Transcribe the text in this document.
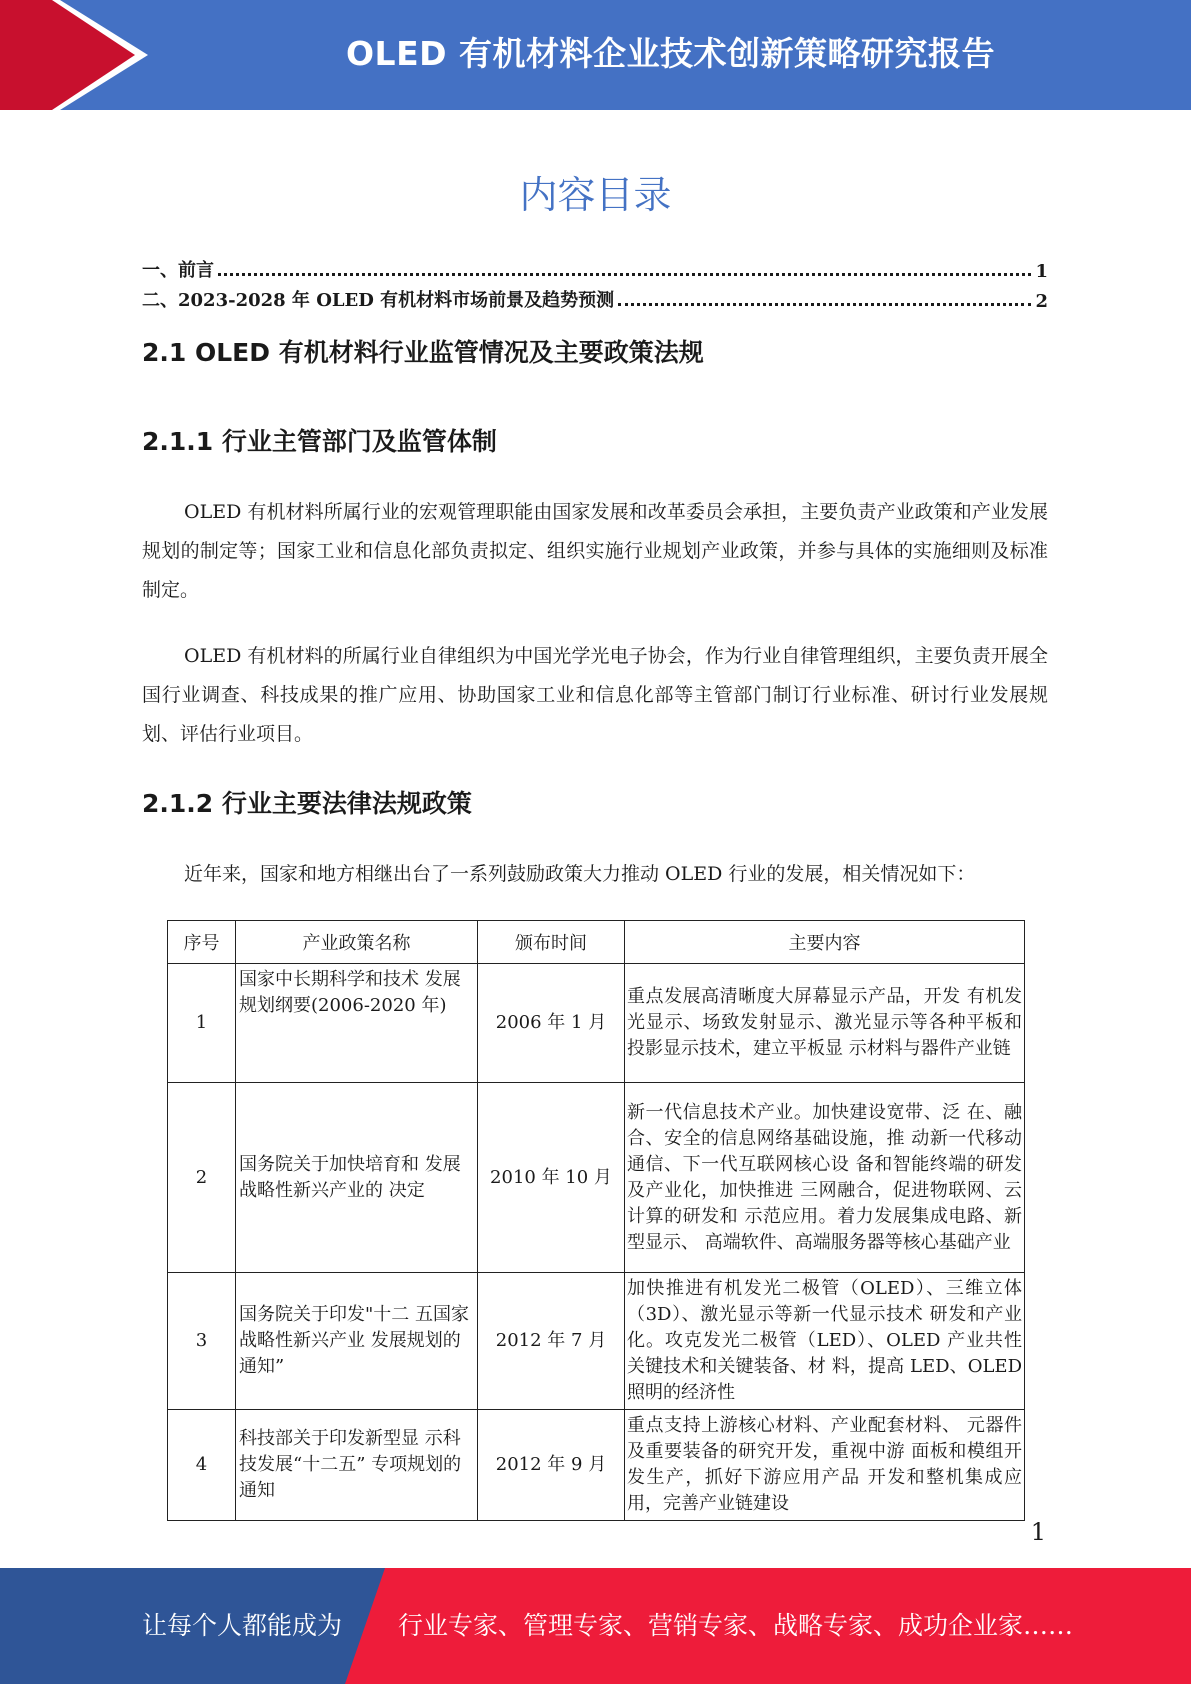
OLED 有机材料企业技术创新策略研究报告
内容目录
一、前言	1
二、2023-2028 年 OLED 有机材料市场前景及趋势预测	2
2.1 OLED 有机材料行业监管情况及主要政策法规
2.1.1 行业主管部门及监管体制
OLED 有机材料所属行业的宏观管理职能由国家发展和改革委员会承担，主要负责产业政策和产业发展规划的制定等；国家工业和信息化部负责拟定、组织实施行业规划产业政策，并参与具体的实施细则及标准制定。
OLED 有机材料的所属行业自律组织为中国光学光电子协会，作为行业自律管理组织，主要负责开展全国行业调查、科技成果的推广应用、协助国家工业和信息化部等主管部门制订行业标准、研讨行业发展规划、评估行业项目。
2.1.2 行业主要法律法规政策
近年来，国家和地方相继出台了一系列鼓励政策大力推动 OLED 行业的发展，相关情况如下：
序号	产业政策名称	颁布时间	主要内容
1	国家中长期科学和技术 发展规划纲要(2006-2020 年)	2006 年 1 月	重点发展高清晰度大屏幕显示产品，开发 有机发光显示、场致发射显示、激光显示等各种平板和投影显示技术，建立平板显 示材料与器件产业链
2	国务院关于加快培育和 发展战略性新兴产业的 决定	2010 年 10 月	新一代信息技术产业。加快建设宽带、泛 在、融合、安全的信息网络基础设施，推 动新一代移动通信、下一代互联网核心设 备和智能终端的研发及产业化，加快推进 三网融合，促进物联网、云计算的研发和 示范应用。着力发展集成电路、新型显示、 高端软件、高端服务器等核心基础产业
3	国务院关于印发"十二 五国家战略性新兴产业 发展规划的通知”	2012 年 7 月	加快推进有机发光二极管（OLED）、三维立体（3D）、激光显示等新一代显示技术 研发和产业化。攻克发光二极管（LED）、OLED 产业共性关键技术和关键装备、材 料，提高 LED、OLED 照明的经济性
4	科技部关于印发新型显 示科技发展“十二五” 专项规划的通知	2012 年 9 月	重点支持上游核心材料、产业配套材料、 元器件及重要装备的研究开发，重视中游 面板和模组开发生产，抓好下游应用产品 开发和整机集成应用，完善产业链建设
1
让每个人都能成为 行业专家、管理专家、营销专家、战略专家、成功企业家……
